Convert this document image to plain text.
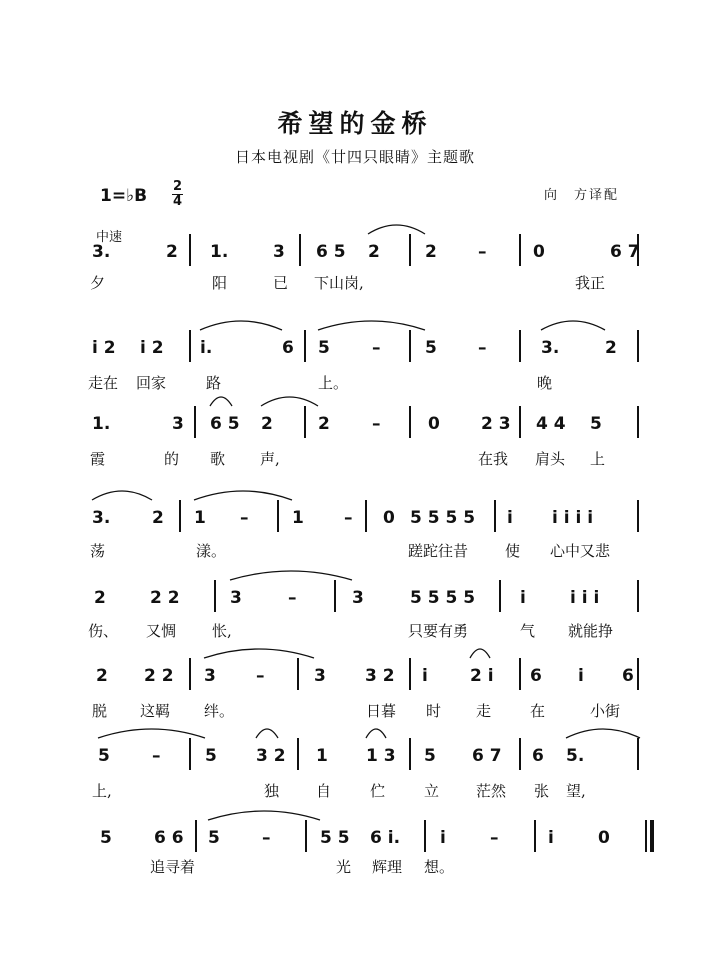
希望的金桥
日本电视剧《廿四只眼睛》主题歌
1=♭B 2
4	向　方译配
中速
3.	2 1.	3 6 5 2	2 –	0	6 7
夕	阳	已 下山岗,	我正
i 2 i 2 i.	6 5 –	5 –	3.	2
走在 回家	路	上。	晚
1.	3 6 5 2	2 –	0 2 3 4 4 5
霞	的 歌 声,	在我 肩头 上
3. 2 1 –	1 – 0 5 5 5 5 i i i i i
荡	漾。	蹉跎往昔 使 心中又悲
2	2 2	3	–	3	5 5 5 5	i	i i i
伤、 又惆 怅,	只要有勇	气 就能挣
2 2 2 3 –	3 3 2 i 2 i 6 i 6
脱 这羁 绊。	日暮 时 走	在	小街
5 –	5 3 2 1 1 3 5 6 7 6 5.
上,	独 自	伫	立 茫然 张 望,
5 6 6 5 –	5 5 6 i. i	–	i	0
追寻着	光 辉理 想。
